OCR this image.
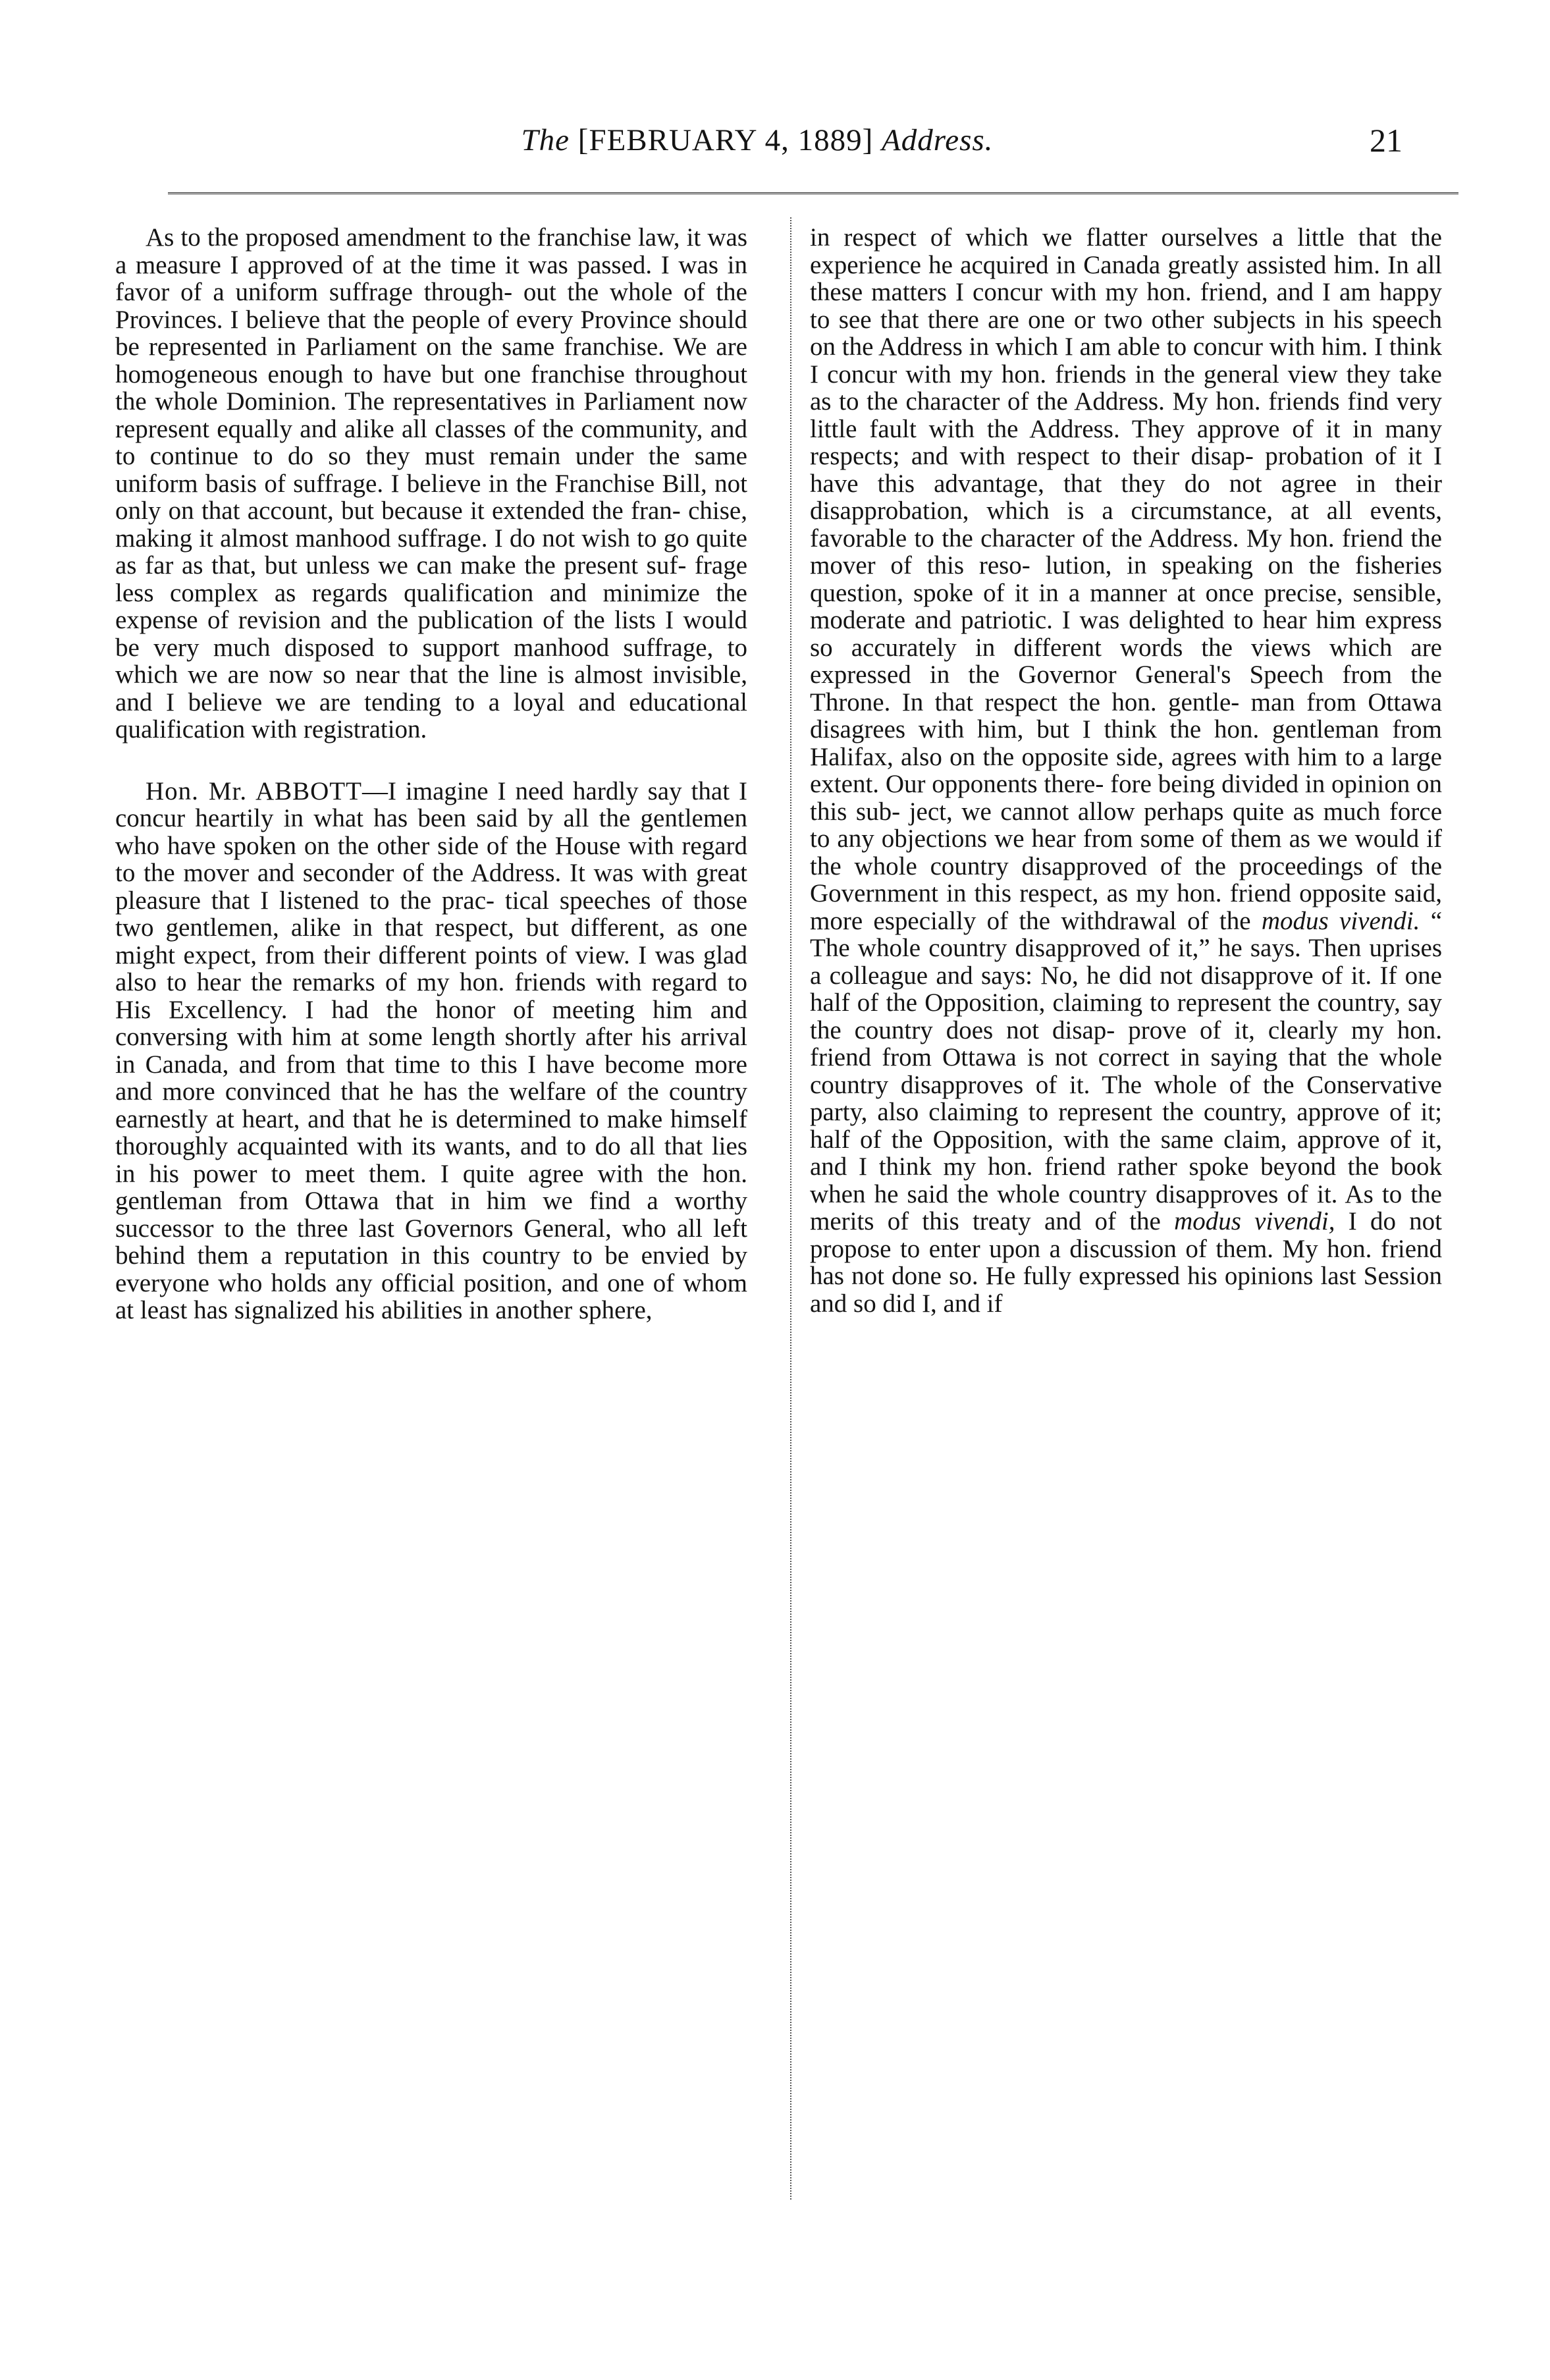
The [FEBRUARY 4, 1889] Address.	21

As to the proposed amendment to the franchise law, it was a measure I approved of at the time it was passed. I was in favor of a uniform suffrage through- out the whole of the Provinces. I believe that the people of every Province should be represented in Parliament on the same franchise. We are homogeneous enough to have but one franchise throughout the whole Dominion. The representatives in Parliament now represent equally and alike all classes of the community, and to continue to do so they must remain under the same uniform basis of suffrage. I believe in the Franchise Bill, not only on that account, but because it extended the fran- chise, making it almost manhood suffrage. I do not wish to go quite as far as that, but unless we can make the present suf- frage less complex as regards qualification and minimize the expense of revision and the publication of the lists I would be very much disposed to support manhood suffrage, to which we are now so near that the line is almost invisible, and I believe we are tending to a loyal and educational qualification with registration.

Hon. Mr. ABBOTT—I imagine I need hardly say that I concur heartily in what has been said by all the gentlemen who have spoken on the other side of the House with regard to the mover and seconder of the Address. It was with great pleasure that I listened to the prac- tical speeches of those two gentlemen, alike in that respect, but different, as one might expect, from their different points of view. I was glad also to hear the remarks of my hon. friends with regard to His Excellency. I had the honor of meeting him and conversing with him at some length shortly after his arrival in Canada, and from that time to this I have become more and more convinced that he has the welfare of the country earnestly at heart, and that he is determined to make himself thoroughly acquainted with its wants, and to do all that lies in his power to meet them. I quite agree with the hon. gentleman from Ottawa that in him we find a worthy successor to the three last Governors General, who all left behind them a reputation in this country to be envied by everyone who holds any official position, and one of whom at least has signalized his abilities in another sphere,

in respect of which we flatter ourselves a little that the experience he acquired in Canada greatly assisted him. In all these matters I concur with my hon. friend, and I am happy to see that there are one or two other subjects in his speech on the Address in which I am able to concur with him. I think I concur with my hon. friends in the general view they take as to the character of the Address. My hon. friends find very little fault with the Address. They approve of it in many respects; and with respect to their disap- probation of it I have this advantage, that they do not agree in their disapprobation, which is a circumstance, at all events, favorable to the character of the Address. My hon. friend the mover of this reso- lution, in speaking on the fisheries question, spoke of it in a manner at once precise, sensible, moderate and patriotic. I was delighted to hear him express so accurately in different words the views which are expressed in the Governor General's Speech from the Throne. In that respect the hon. gentle- man from Ottawa disagrees with him, but I think the hon. gentleman from Halifax, also on the opposite side, agrees with him to a large extent. Our opponents there- fore being divided in opinion on this sub- ject, we cannot allow perhaps quite as much force to any objections we hear from some of them as we would if the whole country disapproved of the proceedings of the Government in this respect, as my hon. friend opposite said, more especially of the withdrawal of the modus vivendi. “ The whole country disapproved of it,” he says. Then uprises a colleague and says: No, he did not disapprove of it. If one half of the Opposition, claiming to represent the country, say the country does not disap- prove of it, clearly my hon. friend from Ottawa is not correct in saying that the whole country disapproves of it. The whole of the Conservative party, also claiming to represent the country, approve of it; half of the Opposition, with the same claim, approve of it, and I think my hon. friend rather spoke beyond the book when he said the whole country disapproves of it. As to the merits of this treaty and of the modus vivendi, I do not propose to enter upon a discussion of them. My hon. friend has not done so. He fully expressed his opinions last Session and so did I, and if
